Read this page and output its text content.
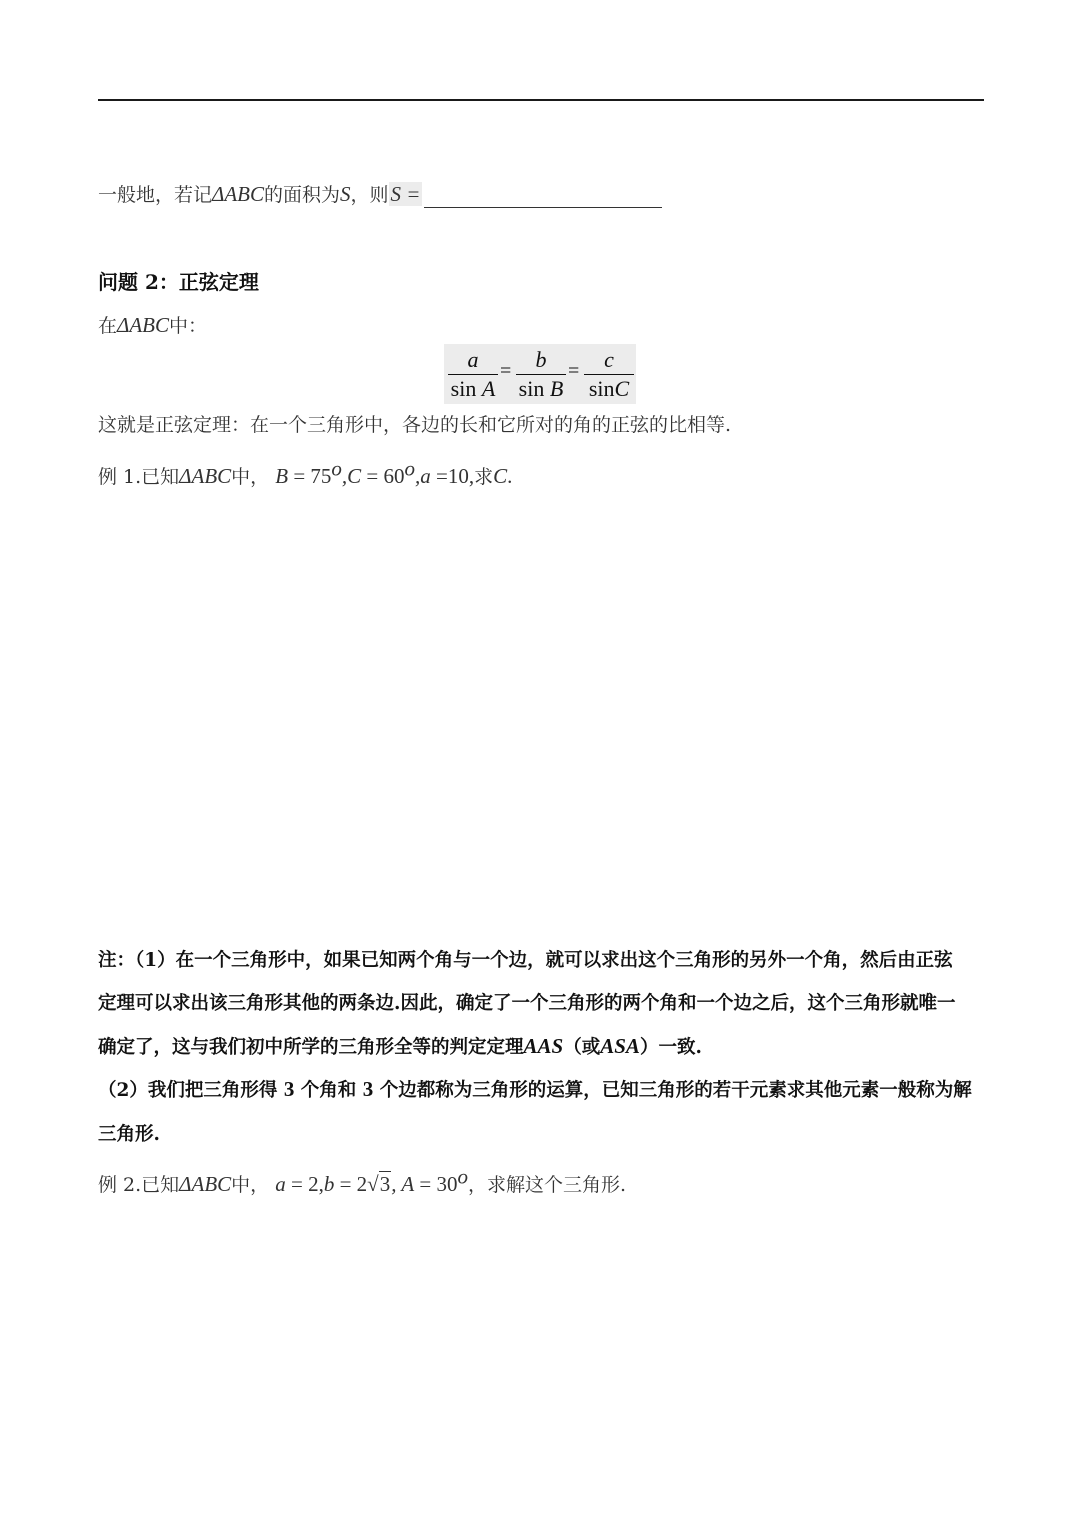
一般地，若记ΔABC的面积为S，则S =
问题 2：正弦定理
在ΔABC中：
a
sin A
=	b
sin B
=	c
sinC
这就是正弦定理：在一个三角形中，各边的长和它所对的角的正弦的比相等.
例 1.已知ΔABC中， $B = 75^o,C = 60^o,a =10$,求C.
注：（1）在一个三角形中，如果已知两个角与一个边，就可以求出这个三角形的另外一个角，然后由正弦
定理可以求出该三角形其他的两条边.因此，确定了一个三角形的两个角和一个边之后，这个三角形就唯一
确定了，这与我们初中所学的三角形全等的判定定理AAS（或ASA）一致.
（2）我们把三角形得 3 个角和 3 个边都称为三角形的运算，已知三角形的若干元素求其他元素一般称为解
三角形.
例 2.已知ΔABC中， a = 2,b = 2√3, $A = 30^o$，求解这个三角形.
